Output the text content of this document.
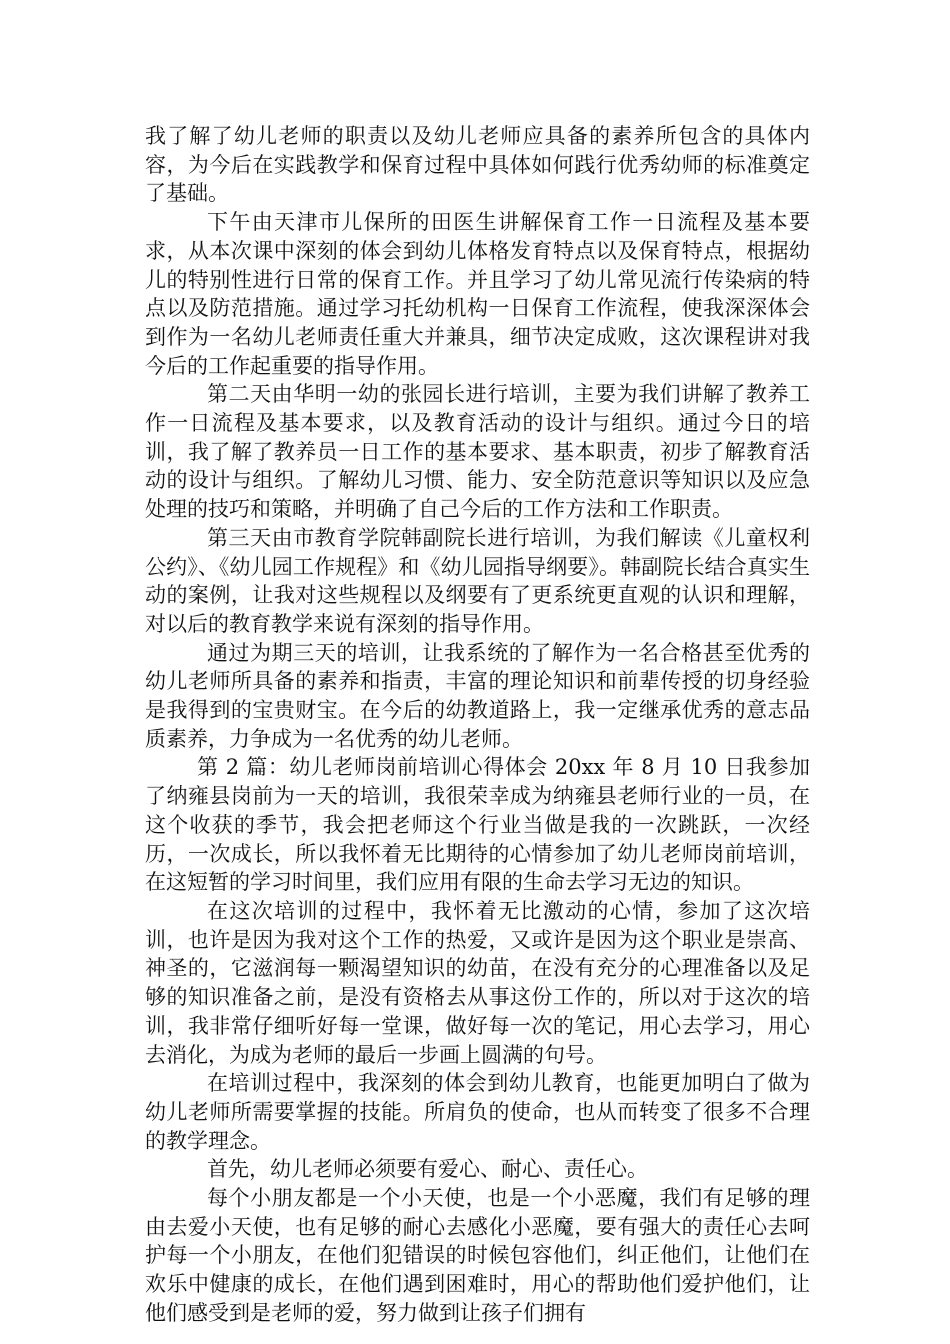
我了解了幼儿老师的职责以及幼儿老师应具备的素养所包含的具体内容，为今后在实践教学和保育过程中具体如何践行优秀幼师的标准奠定了基础。

下午由天津市儿保所的田医生讲解保育工作一日流程及基本要求，从本次课中深刻的体会到幼儿体格发育特点以及保育特点，根据幼儿的特别性进行日常的保育工作。并且学习了幼儿常见流行传染病的特点以及防范措施。通过学习托幼机构一日保育工作流程，使我深深体会到作为一名幼儿老师责任重大并兼具，细节决定成败，这次课程讲对我今后的工作起重要的指导作用。

第二天由华明一幼的张园长进行培训，主要为我们讲解了教养工作一日流程及基本要求，以及教育活动的设计与组织。通过今日的培训，我了解了教养员一日工作的基本要求、基本职责，初步了解教育活动的设计与组织。了解幼儿习惯、能力、安全防范意识等知识以及应急处理的技巧和策略，并明确了自己今后的工作方法和工作职责。

第三天由市教育学院韩副院长进行培训，为我们解读《儿童权利公约》、《幼儿园工作规程》和《幼儿园指导纲要》。韩副院长结合真实生动的案例，让我对这些规程以及纲要有了更系统更直观的认识和理解，对以后的教育教学来说有深刻的指导作用。

通过为期三天的培训，让我系统的了解作为一名合格甚至优秀的幼儿老师所具备的素养和指责，丰富的理论知识和前辈传授的切身经验是我得到的宝贵财宝。在今后的幼教道路上，我一定继承优秀的意志品质素养，力争成为一名优秀的幼儿老师。

第 2 篇：幼儿老师岗前培训心得体会 20xx 年 8 月 10 日我参加了纳雍县岗前为一天的培训，我很荣幸成为纳雍县老师行业的一员，在这个收获的季节，我会把老师这个行业当做是我的一次跳跃，一次经历，一次成长，所以我怀着无比期待的心情参加了幼儿老师岗前培训，在这短暂的学习时间里，我们应用有限的生命去学习无边的知识。

在这次培训的过程中，我怀着无比激动的心情，参加了这次培训，也许是因为我对这个工作的热爱，又或许是因为这个职业是崇高、神圣的，它滋润每一颗渴望知识的幼苗，在没有充分的心理准备以及足够的知识准备之前，是没有资格去从事这份工作的，所以对于这次的培训，我非常仔细听好每一堂课，做好每一次的笔记，用心去学习，用心去消化，为成为老师的最后一步画上圆满的句号。

在培训过程中，我深刻的体会到幼儿教育，也能更加明白了做为幼儿老师所需要掌握的技能。所肩负的使命，也从而转变了很多不合理的教学理念。

首先，幼儿老师必须要有爱心、耐心、责任心。

每个小朋友都是一个小天使，也是一个小恶魔，我们有足够的理由去爱小天使，也有足够的耐心去感化小恶魔，要有强大的责任心去呵护每一个小朋友，在他们犯错误的时候包容他们，纠正他们，让他们在欢乐中健康的成长，在他们遇到困难时，用心的帮助他们爱护他们，让他们感受到是老师的爱，努力做到让孩子们拥有
